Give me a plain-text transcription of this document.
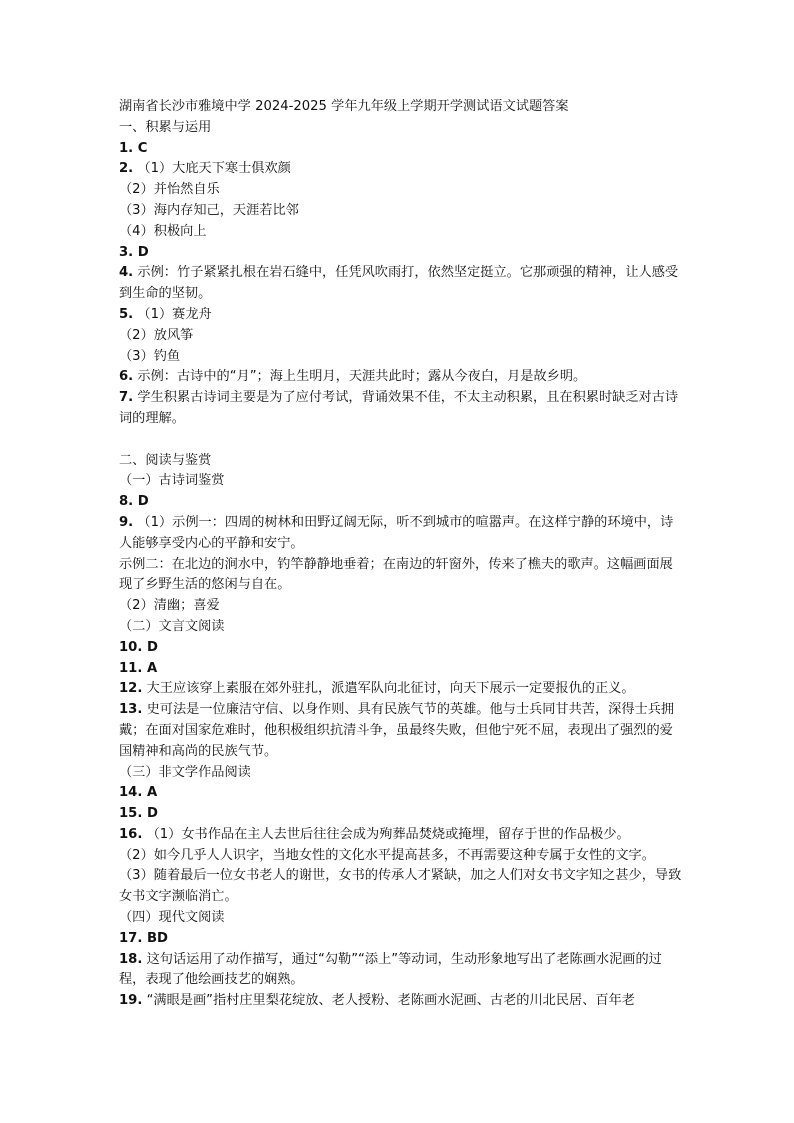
湖南省长沙市雅境中学 2024-2025 学年九年级上学期开学测试语文试题答案
一、积累与运用
1. C
2. （1）大庇天下寒士俱欢颜
（2）并怡然自乐
（3）海内存知己，天涯若比邻
（4）积极向上
3. D
4. 示例：竹子紧紧扎根在岩石缝中，任凭风吹雨打，依然坚定挺立。它那顽强的精神，让人感受到生命的坚韧。
5. （1）赛龙舟
（2）放风筝
（3）钓鱼
6. 示例：古诗中的“月”；海上生明月，天涯共此时；露从今夜白，月是故乡明。
7. 学生积累古诗词主要是为了应付考试，背诵效果不佳，不太主动积累，且在积累时缺乏对古诗词的理解。
二、阅读与鉴赏
（一）古诗词鉴赏
8. D
9. （1）示例一：四周的树林和田野辽阔无际，听不到城市的喧嚣声。在这样宁静的环境中，诗人能够享受内心的平静和安宁。
示例二：在北边的涧水中，钓竿静静地垂着；在南边的轩窗外，传来了樵夫的歌声。这幅画面展现了乡野生活的悠闲与自在。
（2）清幽；喜爱
（二）文言文阅读
10. D
11. A
12. 大王应该穿上素服在郊外驻扎，派遣军队向北征讨，向天下展示一定要报仇的正义。
13. 史可法是一位廉洁守信、以身作则、具有民族气节的英雄。他与士兵同甘共苦，深得士兵拥戴；在面对国家危难时，他积极组织抗清斗争，虽最终失败，但他宁死不屈，表现出了强烈的爱国精神和高尚的民族气节。
（三）非文学作品阅读
14. A
15. D
16. （1）女书作品在主人去世后往往会成为殉葬品焚烧或掩埋，留存于世的作品极少。
（2）如今几乎人人识字，当地女性的文化水平提高甚多，不再需要这种专属于女性的文字。
（3）随着最后一位女书老人的谢世，女书的传承人才紧缺，加之人们对女书文字知之甚少，导致女书文字濒临消亡。
（四）现代文阅读
17. BD
18. 这句话运用了动作描写，通过“勾勒”“添上”等动词，生动形象地写出了老陈画水泥画的过程，表现了他绘画技艺的娴熟。
19. “满眼是画”指村庄里梨花绽放、老人授粉、老陈画水泥画、古老的川北民居、百年老
